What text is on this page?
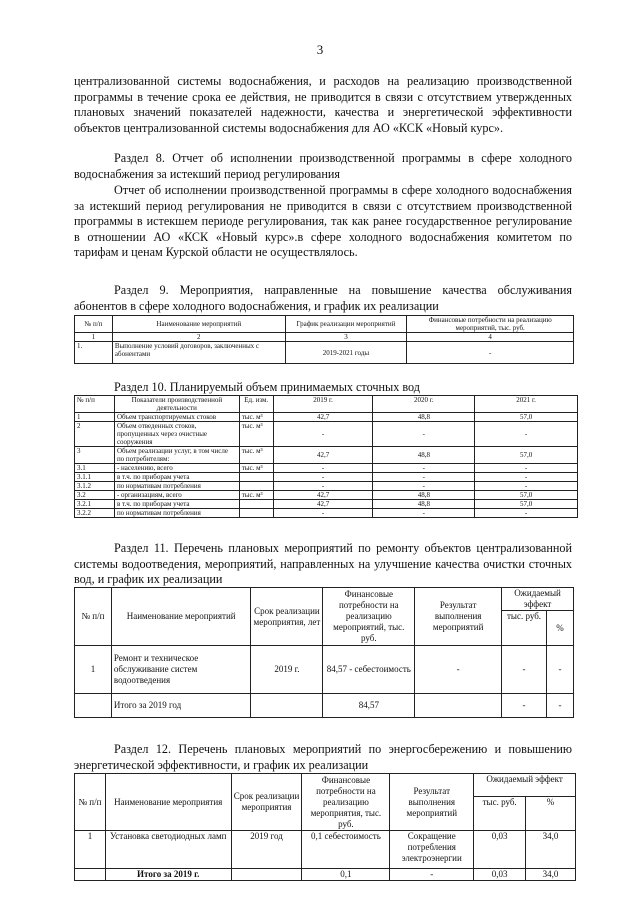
3
централизованной системы водоснабжения, и расходов на реализацию производственной программы в течение срока ее действия, не приводится в связи с отсутствием утвержденных плановых значений показателей надежности, качества и энергетической эффективности объектов централизованной системы водоснабжения для АО «КСК «Новый курс».
Раздел 8. Отчет об исполнении производственной программы в сфере холодного водоснабжения за истекший период регулирования
Отчет об исполнении производственной программы в сфере холодного водоснабжения за истекший период регулирования не приводится в связи с отсутствием производственной программы в истекшем периоде регулирования, так как ранее государственное регулирование в отношении АО «КСК «Новый курс».в сфере холодного водоснабжения комитетом по тарифам и ценам Курской области не осуществлялось.
Раздел 9. Мероприятия, направленные на повышение качества обслуживания абонентов в сфере холодного водоснабжения, и график их реализации
№ п/п	Наименование мероприятий	График реализации мероприятий	Финансовые потребности на реализацию мероприятий, тыс. руб.
1	2	3	4
1.	Выполнение условий договоров, заключенных с абонентами	2019-2021 годы	-
Раздел 10. Планируемый объем принимаемых сточных вод
№ п/п	Показатели производственной деятельности	Ед. изм.	2019 г.	2020 г.	2021 г.
1	Объем транспортируемых стоков	тыс. м³	42,7	48,8	57,0
2	Объем отведенных стоков, пропущенных через очистные сооружения	тыс. м³	-	-	-
3	Объем реализации услуг, в том числе по потребителям:	тыс. м³	42,7	48,8	57,0
3.1	- населению, всего	тыс. м³	-	-	-
3.1.1	в т.ч. по приборам учета		-	-	-
3.1.2	по нормативам потребления		-	-	-
3.2	- организациям, всего	тыс. м³	42,7	48,8	57,0
3.2.1	в т.ч. по приборам учета		42,7	48,8	57,0
3.2.2	по нормативам потребления		-	-	-
Раздел 11. Перечень плановых мероприятий по ремонту объектов централизованной системы водоотведения, мероприятий, направленных на улучшение качества очистки сточных вод, и график их реализации
№ п/п	Наименование мероприятий	Срок реализации мероприятия, лет	Финансовые потребности на реализацию мероприятий, тыс. руб.	Результат выполнения мероприятий	Ожидаемый эффект	
					тыс. руб.	%
1	Ремонт и техническое обслуживание систем водоотведения	2019 г.	84,57 - себестоимость	-	-	-
	Итого за 2019 год		84,57		-	-
Раздел 12. Перечень плановых мероприятий по энергосбережению и повышению энергетической эффективности, и график их реализации
№ п/п	Наименование мероприятия	Срок реализации мероприятия	Финансовые потребности на реализацию мероприятия, тыс. руб.	Результат выполнения мероприятий	Ожидаемый эффект	
					тыс. руб.	%
1	Установка светодиодных ламп	2019 год	0,1 себестоимость	Сокращение потребления электроэнергии	0,03	34,0
	Итого за 2019 г.		0,1	-	0,03	34,0
